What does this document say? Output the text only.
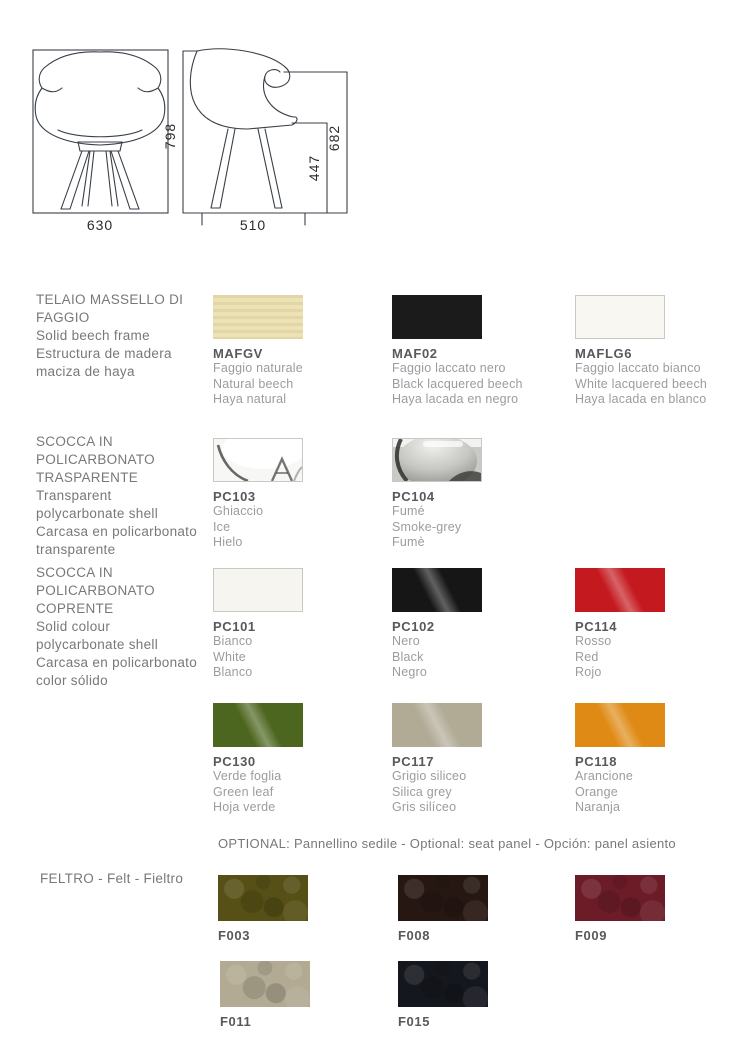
630	510
798	682
447
TELAIO MASSELLO DI
FAGGIO
Solid beech frame
Estructura de madera
maciza de haya
MAFGV
Faggio naturale
Natural beech
Haya natural
MAF02
Faggio laccato nero
Black lacquered beech
Haya lacada en negro
MAFLG6
Faggio laccato bianco
White lacquered beech
Haya lacada en blanco
SCOCCA IN
POLICARBONATO
TRASPARENTE
Transparent
polycarbonate shell
Carcasa en policarbonato
transparente
PC103
Ghiaccio
Ice
Hielo
PC104
Fumé
Smoke-grey
Fumè
SCOCCA IN
POLICARBONATO
COPRENTE
Solid colour
polycarbonate shell
Carcasa en policarbonato
color sólido
PC101
Bianco
White
Blanco
PC102
Nero
Black
Negro
PC114
Rosso
Red
Rojo
PC130
Verde foglia
Green leaf
Hoja verde
PC117
Grigio siliceo
Silica grey
Gris silíceo
PC118
Arancione
Orange
Naranja
OPTIONAL: Pannellino sedile - Optional: seat panel - Opción: panel asiento
FELTRO - Felt - Fieltro
F003	F008	F009
F011	F015
